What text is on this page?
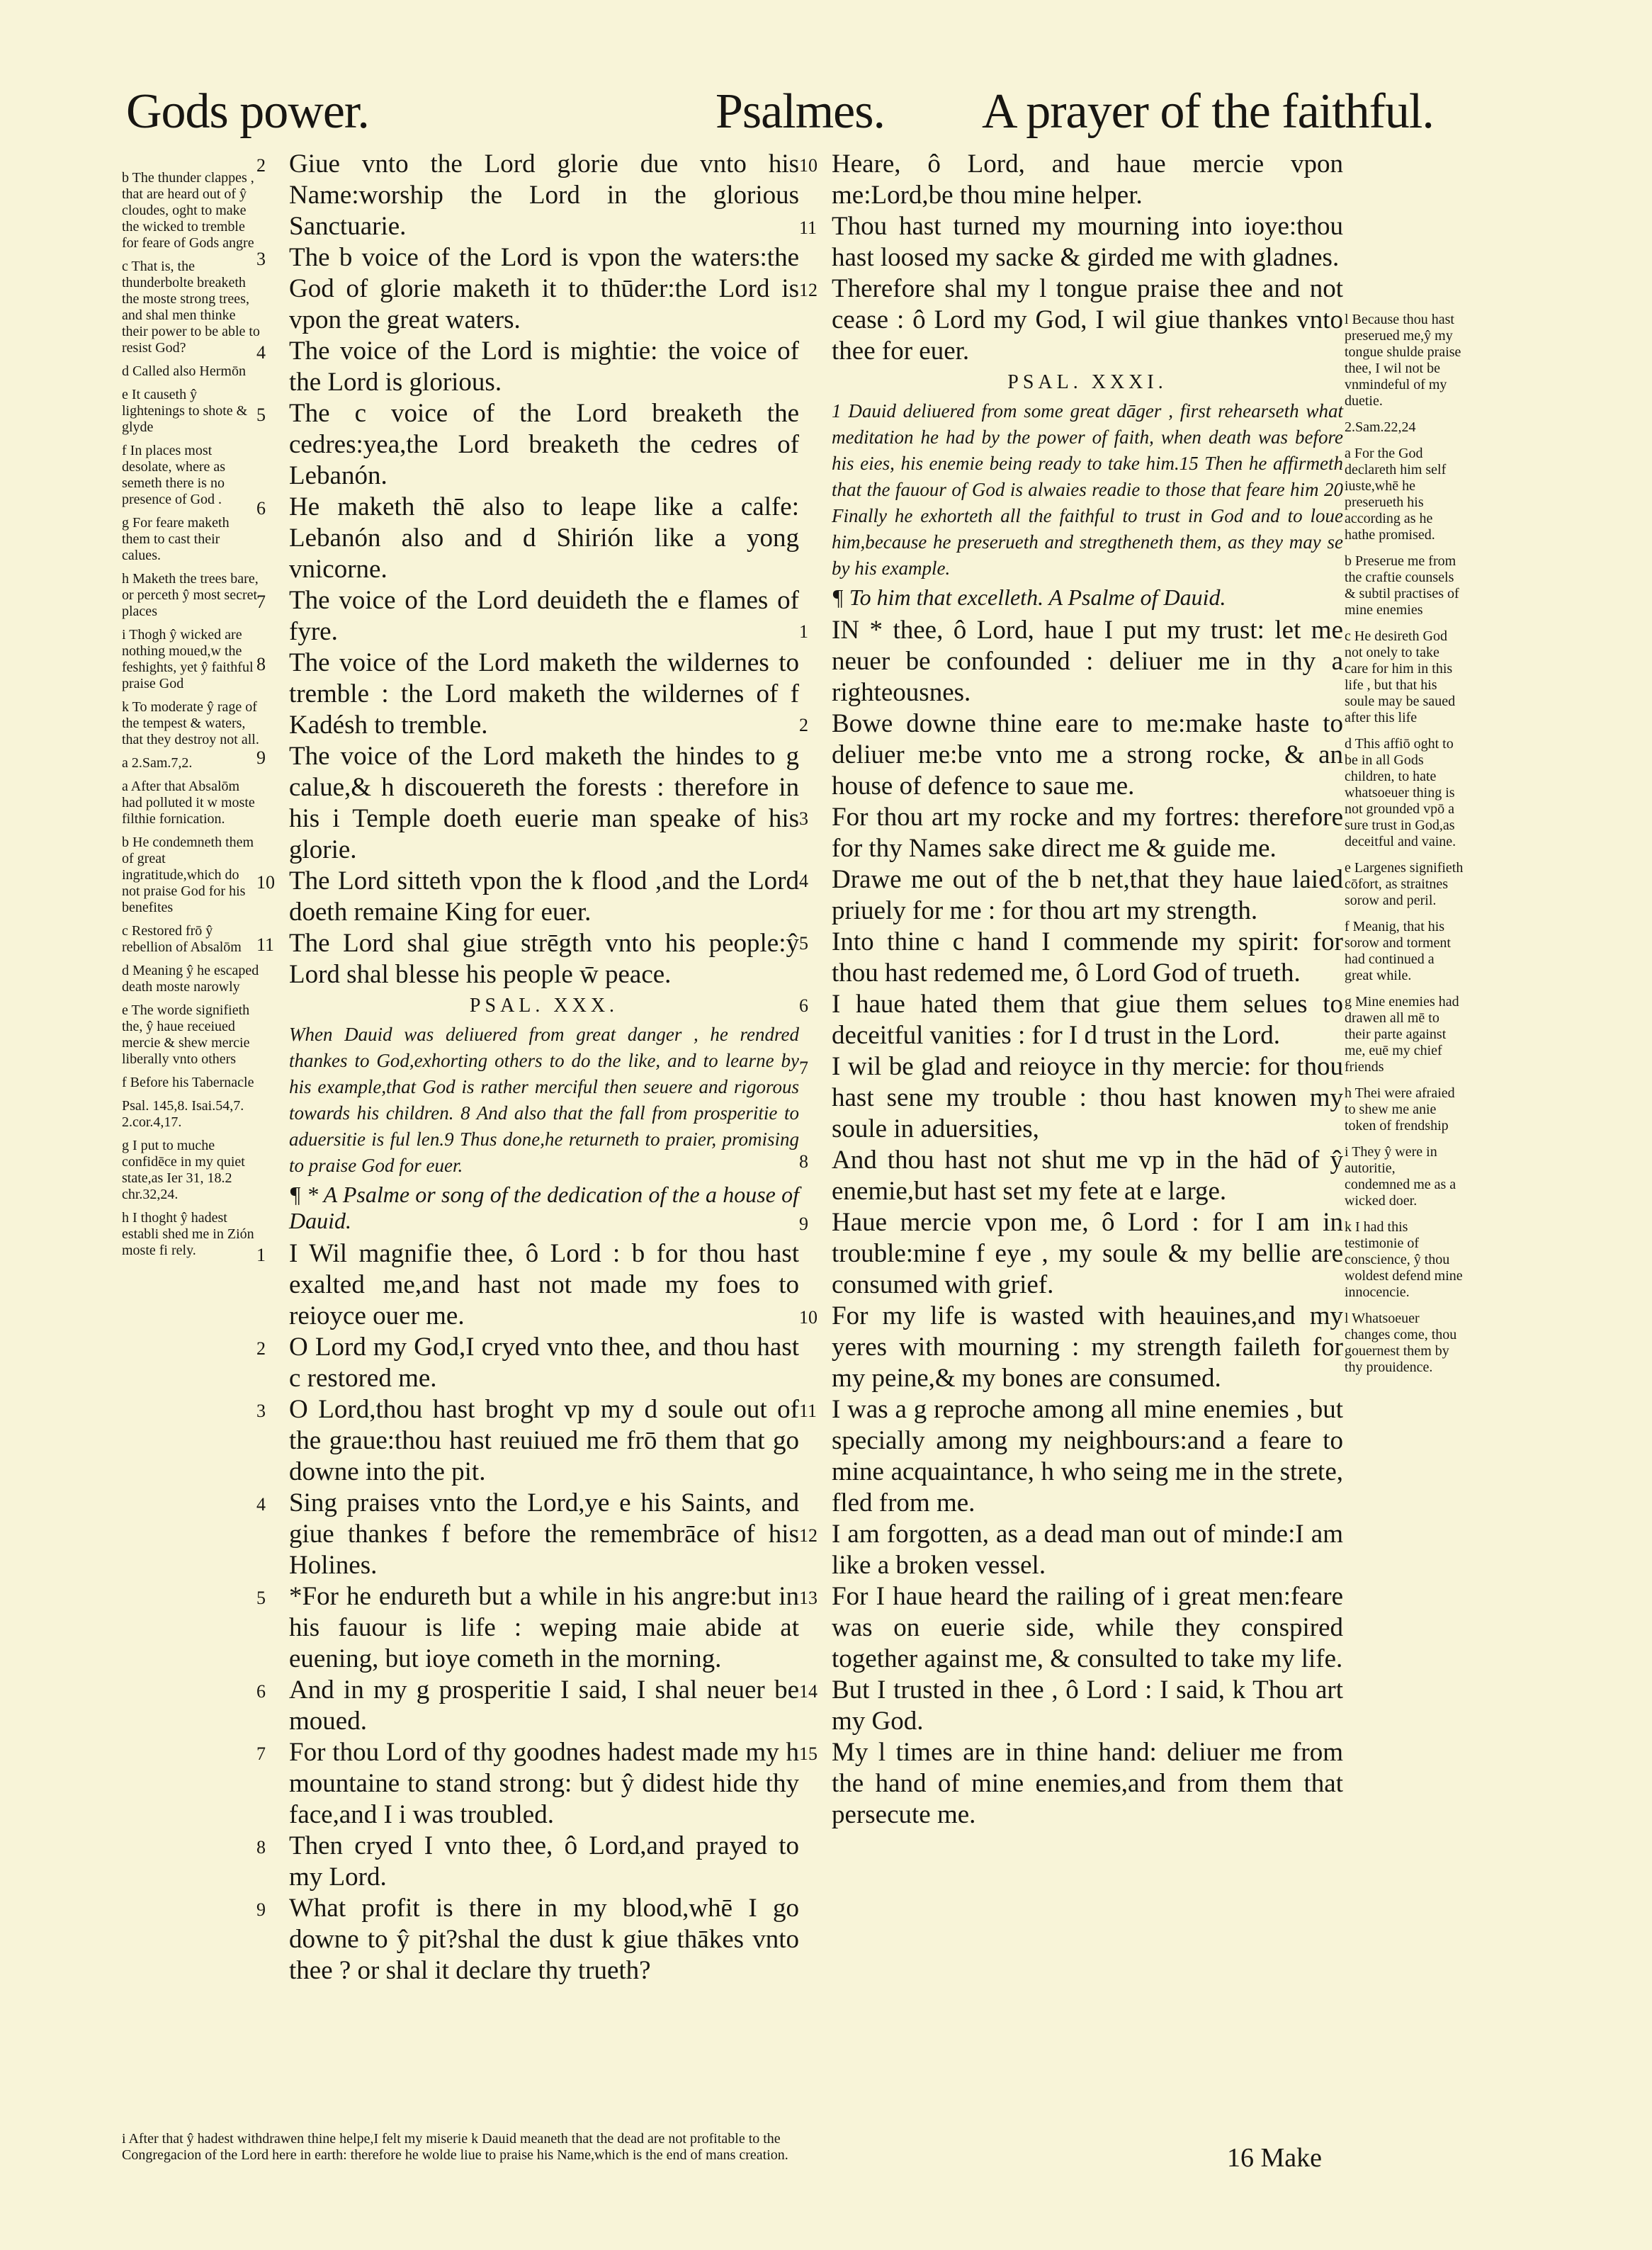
Gods power.	Psalmes. A prayer of the faithful.

Giue vnto the Lord glorie due vnto his Name:worship the Lord in the glorious Sanctuarie.
2

The b voice of the Lord is vpon the waters:the God of glorie maketh it to thūder:the Lord is vpon the great waters.
3

The voice of the Lord is mightie: the voice of the Lord is glorious.
4

The c voice of the Lord breaketh the cedres:yea,the Lord breaketh the cedres of Lebanón.
5

He maketh thē also to leape like a calfe: Lebanón also and d Shirión like a yong vnicorne.
6

The voice of the Lord deuideth the e flames of fyre.
7

The voice of the Lord maketh the wildernes to tremble : the Lord maketh the wildernes of f Kadésh to tremble.
8

The voice of the Lord maketh the hindes to g calue,& h discouereth the forests : therefore in his i Temple doeth euerie man speake of his glorie.
9

The Lord sitteth vpon the k flood ,and the Lord doeth remaine King for euer.
10

The Lord shal giue strēgth vnto his people:ŷ Lord shal blesse his people w̄ peace.
11

PSAL. XXX.
When Dauid was deliuered from great danger , he rendred thankes to God,exhorting others to do the like, and to learne by his example,that God is rather merciful then seuere and rigorous towards his children. 8 And also that the fall from prosperitie to aduersitie is ful len.9 Thus done,he returneth to praier, promising to praise God for euer.
¶ * A Psalme or song of the dedication of the a house of Dauid.

I Wil magnifie thee, ô Lord : b for thou hast exalted me,and hast not made my foes to reioyce ouer me.
1

O Lord my God,I cryed vnto thee, and thou hast c restored me.
2

O Lord,thou hast broght vp my d soule out of the graue:thou hast reuiued me frō them that go downe into the pit.
3

Sing praises vnto the Lord,ye e his Saints, and giue thankes f before the remembrāce of his Holines.
4

*For he endureth but a while in his angre:but in his fauour is life : weping maie abide at euening, but ioye cometh in the morning.
5

And in my g prosperitie I said, I shal neuer be moued.
6

For thou Lord of thy goodnes hadest made my h mountaine to stand strong: but ŷ didest hide thy face,and I i was troubled.
7

Then cryed I vnto thee, ô Lord,and prayed to my Lord.
8

What profit is there in my blood,whē I go downe to ŷ pit?shal the dust k giue thākes vnto thee ? or shal it declare thy trueth?
9

Heare, ô Lord, and haue mercie vpon me:Lord,be thou mine helper.
10

Thou hast turned my mourning into ioye:thou hast loosed my sacke & girded me with gladnes.
11

Therefore shal my l tongue praise thee and not cease : ô Lord my God, I wil giue thankes vnto thee for euer.
12

PSAL. XXXI.
1 Dauid deliuered from some great dāger , first rehearseth what meditation he had by the power of faith, when death was before his eies, his enemie being ready to take him.15 Then he affirmeth that the fauour of God is alwaies readie to those that feare him 20 Finally he exhorteth all the faithful to trust in God and to loue him,because he preserueth and stregtheneth them, as they may se by his example.
¶ To him that excelleth. A Psalme of Dauid.

IN * thee, ô Lord, haue I put my trust: let me neuer be confounded : deliuer me in thy a righteousnes.
1

Bowe downe thine eare to me:make haste to deliuer me:be vnto me a strong rocke, & an house of defence to saue me.
2

For thou art my rocke and my fortres: therefore for thy Names sake direct me & guide me.
3

Drawe me out of the b net,that they haue laied priuely for me : for thou art my strength.
4

Into thine c hand I commende my spirit: for thou hast redemed me, ô Lord God of trueth.
5

I haue hated them that giue them selues to deceitful vanities : for I d trust in the Lord.
6

I wil be glad and reioyce in thy mercie: for thou hast sene my trouble : thou hast knowen my soule in aduersities,
7

And thou hast not shut me vp in the hād of ŷ enemie,but hast set my fete at e large.
8

Haue mercie vpon me, ô Lord : for I am in trouble:mine f eye , my soule & my bellie are consumed with grief.
9

For my life is wasted with heauines,and my yeres with mourning : my strength faileth for my peine,& my bones are consumed.
10

I was a g reproche among all mine enemies , but specially among my neighbours:and a feare to mine acquaintance, h who seing me in the strete, fled from me.
11

I am forgotten, as a dead man out of minde:I am like a broken vessel.
12

For I haue heard the railing of i great men:feare was on euerie side, while they conspired together against me, & consulted to take my life.
13

But I trusted in thee , ô Lord : I said, k Thou art my God.
14

My l times are in thine hand: deliuer me from the hand of mine enemies,and from them that persecute me.
15

b The thunder clappes , that are heard out of ŷ cloudes, oght to make the wicked to tremble for feare of Gods angre
c That is, the thunderbolte breaketh the moste strong trees, and shal men thinke their power to be able to resist God?
d Called also Hermōn
e It causeth ŷ lightenings to shote & glyde
f In places most desolate, where as semeth there is no presence of God .
g For feare maketh them to cast their calues.
h Maketh the trees bare, or perceth ŷ most secret places
i Thogh ŷ wicked are nothing moued,w the feshights, yet ŷ faithful praise God
k To moderate ŷ rage of the tempest & waters, that they destroy not all.
a 2.Sam.7,2.
a After that Absalōm had polluted it w moste filthie fornication.
b He condemneth them of great ingratitude,which do not praise God for his benefites
c Restored frō ŷ rebellion of Absalōm
d Meaning ŷ he escaped death moste narowly
e The worde signifieth the, ŷ haue receiued mercie & shew mercie liberally vnto others
f Before his Tabernacle
Psal. 145,8. Isai.54,7. 2.cor.4,17.
g I put to muche confidēce in my quiet state,as Ier 31, 18.2 chr.32,24.
h I thoght ŷ hadest establi shed me in Zión moste fi rely.
l Because thou hast preserued me,ŷ my tongue shulde praise thee, I wil not be vnmindeful of my duetie.
2.Sam.22,24
a For the God declareth him self iuste,whē he preserueth his according as he hathe promised.
b Preserue me from the craftie counsels & subtil practises of mine enemies
c He desireth God not onely to take care for him in this life , but that his soule may be saued after this life
d This affiō oght to be in all Gods children, to hate whatsoeuer thing is not grounded vpō a sure trust in God,as deceitful and vaine.
e Largenes signifieth cōfort, as straitnes sorow and peril.
f Meanig, that his sorow and torment had continued a great while.
g Mine enemies had drawen all mē to their parte against me, euē my chief friends
h Thei were afraied to shew me anie token of frendship
i They ŷ were in autoritie, condemned me as a wicked doer.
k I had this testimonie of conscience, ŷ thou woldest defend mine innocencie.
l Whatsoeuer changes come, thou gouernest them by thy prouidence.
i After that ŷ hadest withdrawen thine helpe,I felt my miserie k Dauid meaneth that the dead are not profitable to the Congregacion of the Lord here in earth: therefore he wolde liue to praise his Name,which is the end of mans creation.	16 Make
